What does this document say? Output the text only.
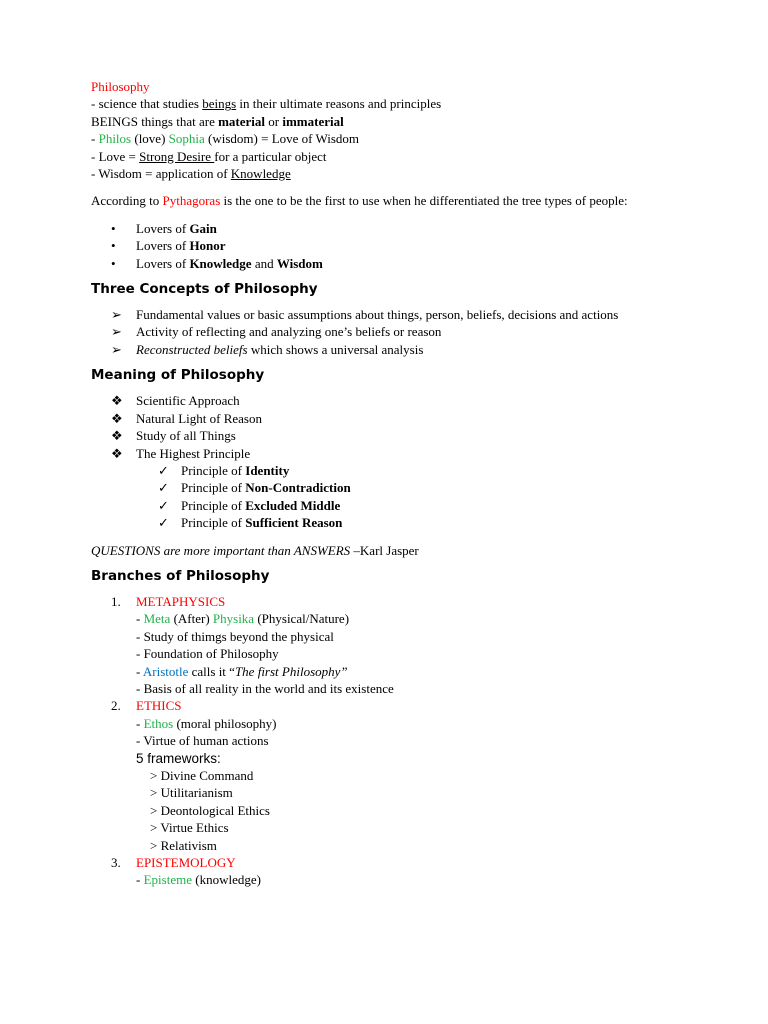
Philosophy
- science that studies beings in their ultimate reasons and principles
BEINGS things that are material or immaterial
- Philos (love) Sophia (wisdom) = Love of Wisdom
- Love = Strong Desire for a particular object
- Wisdom = application of Knowledge
According to Pythagoras is the one to be the first to use when he differentiated the tree types of people:
• Lovers of Gain
• Lovers of Honor
• Lovers of Knowledge and Wisdom
Three Concepts of Philosophy
➢ Fundamental values or basic assumptions about things, person, beliefs, decisions and actions
➢ Activity of reflecting and analyzing one’s beliefs or reason
➢ Reconstructed beliefs which shows a universal analysis
Meaning of Philosophy
❖ Scientific Approach
❖ Natural Light of Reason
❖ Study of all Things
❖ The Highest Principle
✓ Principle of Identity
✓ Principle of Non-Contradiction
✓ Principle of Excluded Middle
✓ Principle of Sufficient Reason
QUESTIONS are more important than ANSWERS –Karl Jasper
Branches of Philosophy
1. METAPHYSICS
- Meta (After) Physika (Physical/Nature)
- Study of thimgs beyond the physical
- Foundation of Philosophy
- Aristotle calls it “The first Philosophy”
- Basis of all reality in the world and its existence
2. ETHICS
- Ethos (moral philosophy)
- Virtue of human actions
5 frameworks:
> Divine Command
> Utilitarianism
> Deontological Ethics
> Virtue Ethics
> Relativism
3. EPISTEMOLOGY
- Episteme (knowledge)
